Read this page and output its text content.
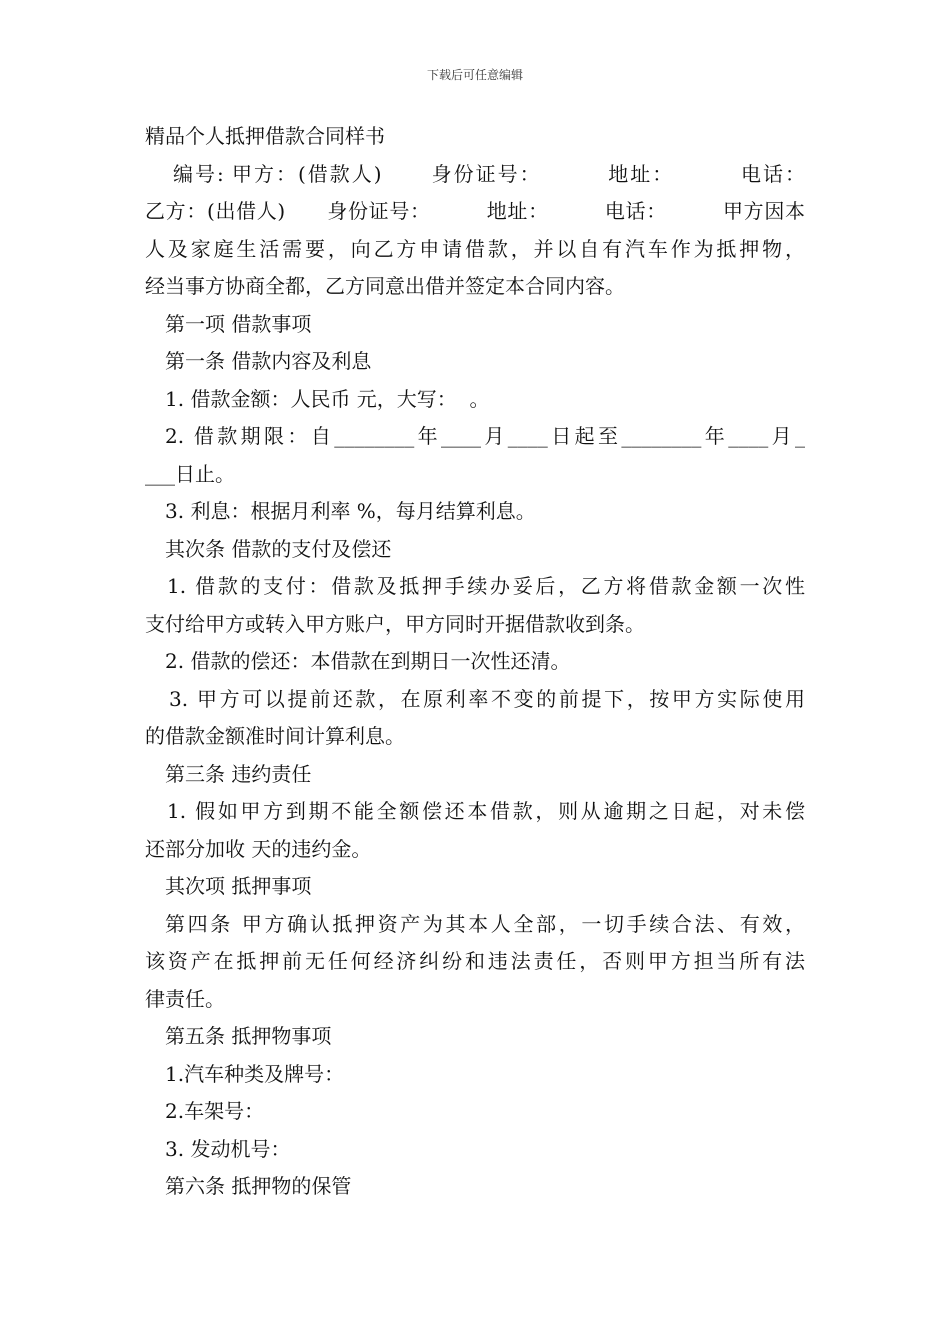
下载后可任意编辑

精品个人抵押借款合同样书

编号: 甲方：(借款人)      身份证号：        地址：        电话：

乙方：(出借人)      身份证号：        地址：        电话：        甲方因本

人及家庭生活需要，向乙方申请借款，并以自有汽车作为抵押物，

经当事方协商全都，乙方同意出借并签定本合同内容。

第一项 借款事项

第一条 借款内容及利息

1. 借款金额：人民币 元，大写：  。

2. 借款期限：自________年____月____日起至________年____月_

___日止。

3. 利息：根据月利率 %，每月结算利息。

其次条 借款的支付及偿还

1. 借款的支付：借款及抵押手续办妥后，乙方将借款金额一次性

支付给甲方或转入甲方账户，甲方同时开据借款收到条。

2. 借款的偿还：本借款在到期日一次性还清。

3. 甲方可以提前还款，在原利率不变的前提下，按甲方实际使用

的借款金额准时间计算利息。

第三条 违约责任

1. 假如甲方到期不能全额偿还本借款，则从逾期之日起，对未偿

还部分加收 天的违约金。

其次项 抵押事项

第四条 甲方确认抵押资产为其本人全部，一切手续合法、有效，

该资产在抵押前无任何经济纠纷和违法责任，否则甲方担当所有法

律责任。

第五条 抵押物事项

1.汽车种类及牌号：

2.车架号：

3. 发动机号：

第六条 抵押物的保管
